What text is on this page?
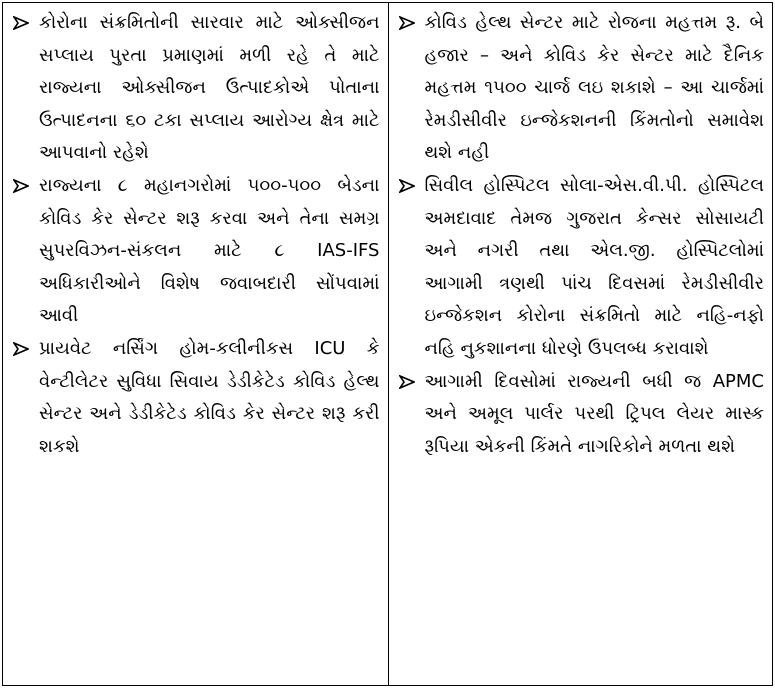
કોરોના સંક્રમિતોની સારવાર માટે ઓક્સીજન સપ્લાય પુરતા પ્રમાણમાં મળી રહે તે માટે રાજ્યના ઓક્સીજન ઉત્પાદકોએ પોતાના ઉત્પાદનના ૬૦ ટકા સપ્લાય આરોગ્ય ક્ષેત્ર માટે આપવાનો રહેશે
રાજ્યના ૮ મહાનગરોમાં ૫૦૦-૫૦૦ બેડના કોવિડ કેર સેન્ટર શરૂ કરવા અને તેના સમગ્ર સુપરવિઝન-સંકલન માટે ૮ IAS-IFS અધિકારીઓને વિશેષ જવાબદારી સોંપવામાં આવી
પ્રાયવેટ નર્સિંગ હોમ-કલીનીકસ ICU કે વેન્ટીલેટર સુવિધા સિવાય ડેડીકેટેડ કોવિડ હેલ્થ સેન્ટર અને ડેડીકેટેડ કોવિડ કેર સેન્ટર શરૂ કરી શકશે
કોવિડ હેલ્થ સેન્ટર માટે રોજના મહત્તમ રૂ. બે હજાર – અને કોવિડ કેર સેન્ટર માટે દૈનિક મહત્તમ ૧૫૦૦ ચાર્જ લઇ શકાશે – આ ચાર્જમાં રેમડીસીવીર ઇન્જેકશનની કિંમતોનો સમાવેશ થશે નહી
સિવીલ હોસ્પિટલ સોલા-એસ.વી.પી. હોસ્પિટલ અમદાવાદ તેમજ ગુજરાત કેન્સર સોસાયટી અને નગરી તથા એલ.જી. હોસ્પિટલોમાં આગામી ત્રણથી પાંચ દિવસમાં રેમડીસીવીર ઇન્જેકશન કોરોના સંક્રમિતો માટે નહિ-નફો નહિ નુકશાનના ધોરણે ઉપલબ્ધ કરાવાશે
આગામી દિવસોમાં રાજ્યની બધી જ APMC અને અમૂલ પાર્લર પરથી ટ્રિપલ લેયર માસ્ક રૂપિયા એકની કિંમતે નાગરિકોને મળતા થશે
